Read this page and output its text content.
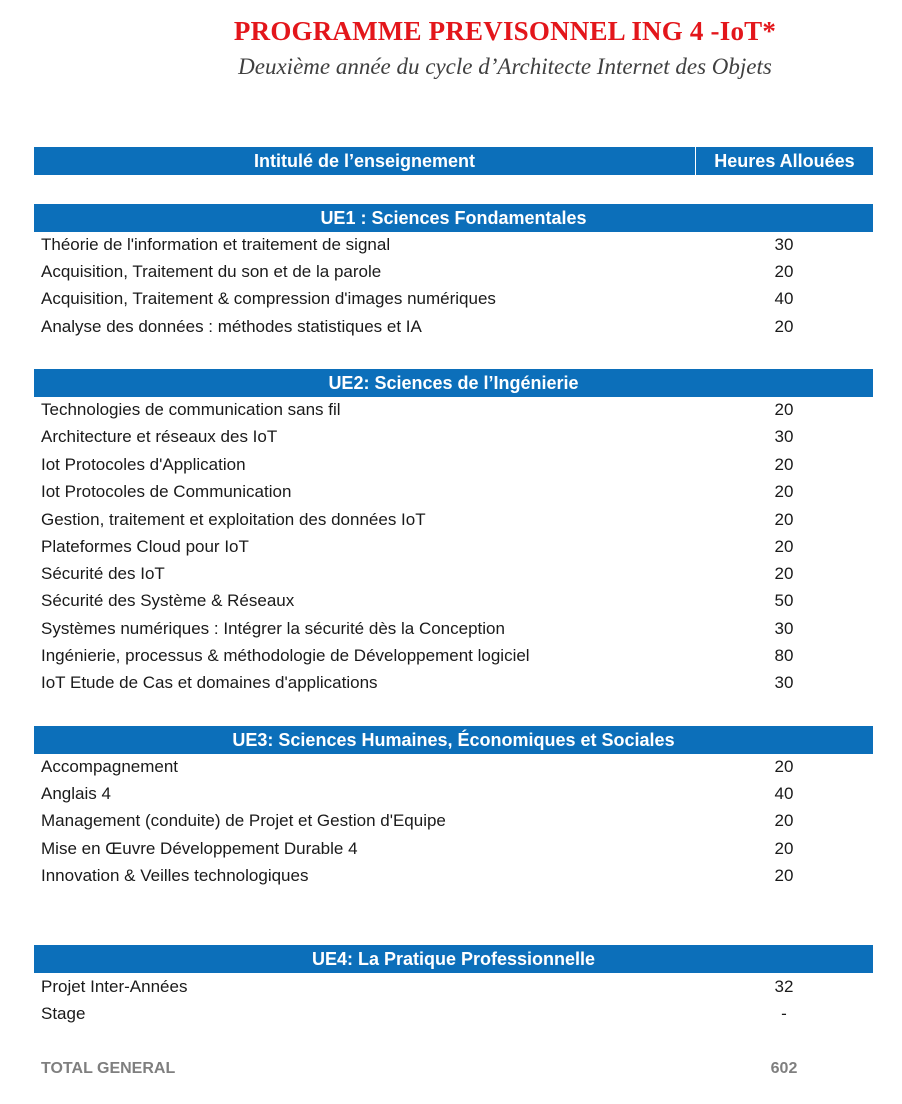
PROGRAMME PREVISONNEL ING 4 -IoT*
Deuxième année du cycle d’Architecte Internet des Objets
Intitulé de l’enseignement	Heures Allouées
UE1 : Sciences Fondamentales
Théorie de l'information et traitement de signal	30
Acquisition, Traitement du son et de la parole	20
Acquisition, Traitement & compression d'images numériques	40
Analyse des données : méthodes statistiques et IA	20
UE2: Sciences de l’Ingénierie
Technologies de communication sans fil	20
Architecture et réseaux des IoT	30
Iot Protocoles d'Application	20
Iot Protocoles de Communication	20
Gestion, traitement et exploitation des données IoT	20
Plateformes Cloud pour IoT	20
Sécurité des IoT	20
Sécurité des Système & Réseaux	50
Systèmes numériques : Intégrer la sécurité dès la Conception	30
Ingénierie, processus & méthodologie de Développement logiciel	80
IoT Etude de Cas et domaines d'applications	30
UE3: Sciences Humaines, Économiques et Sociales
Accompagnement	20
Anglais 4	40
Management (conduite) de Projet et Gestion d'Equipe	20
Mise en Œuvre Développement Durable 4	20
Innovation & Veilles technologiques	20
UE4: La Pratique Professionnelle
Projet Inter-Années	32
Stage	-
TOTAL GENERAL	602
